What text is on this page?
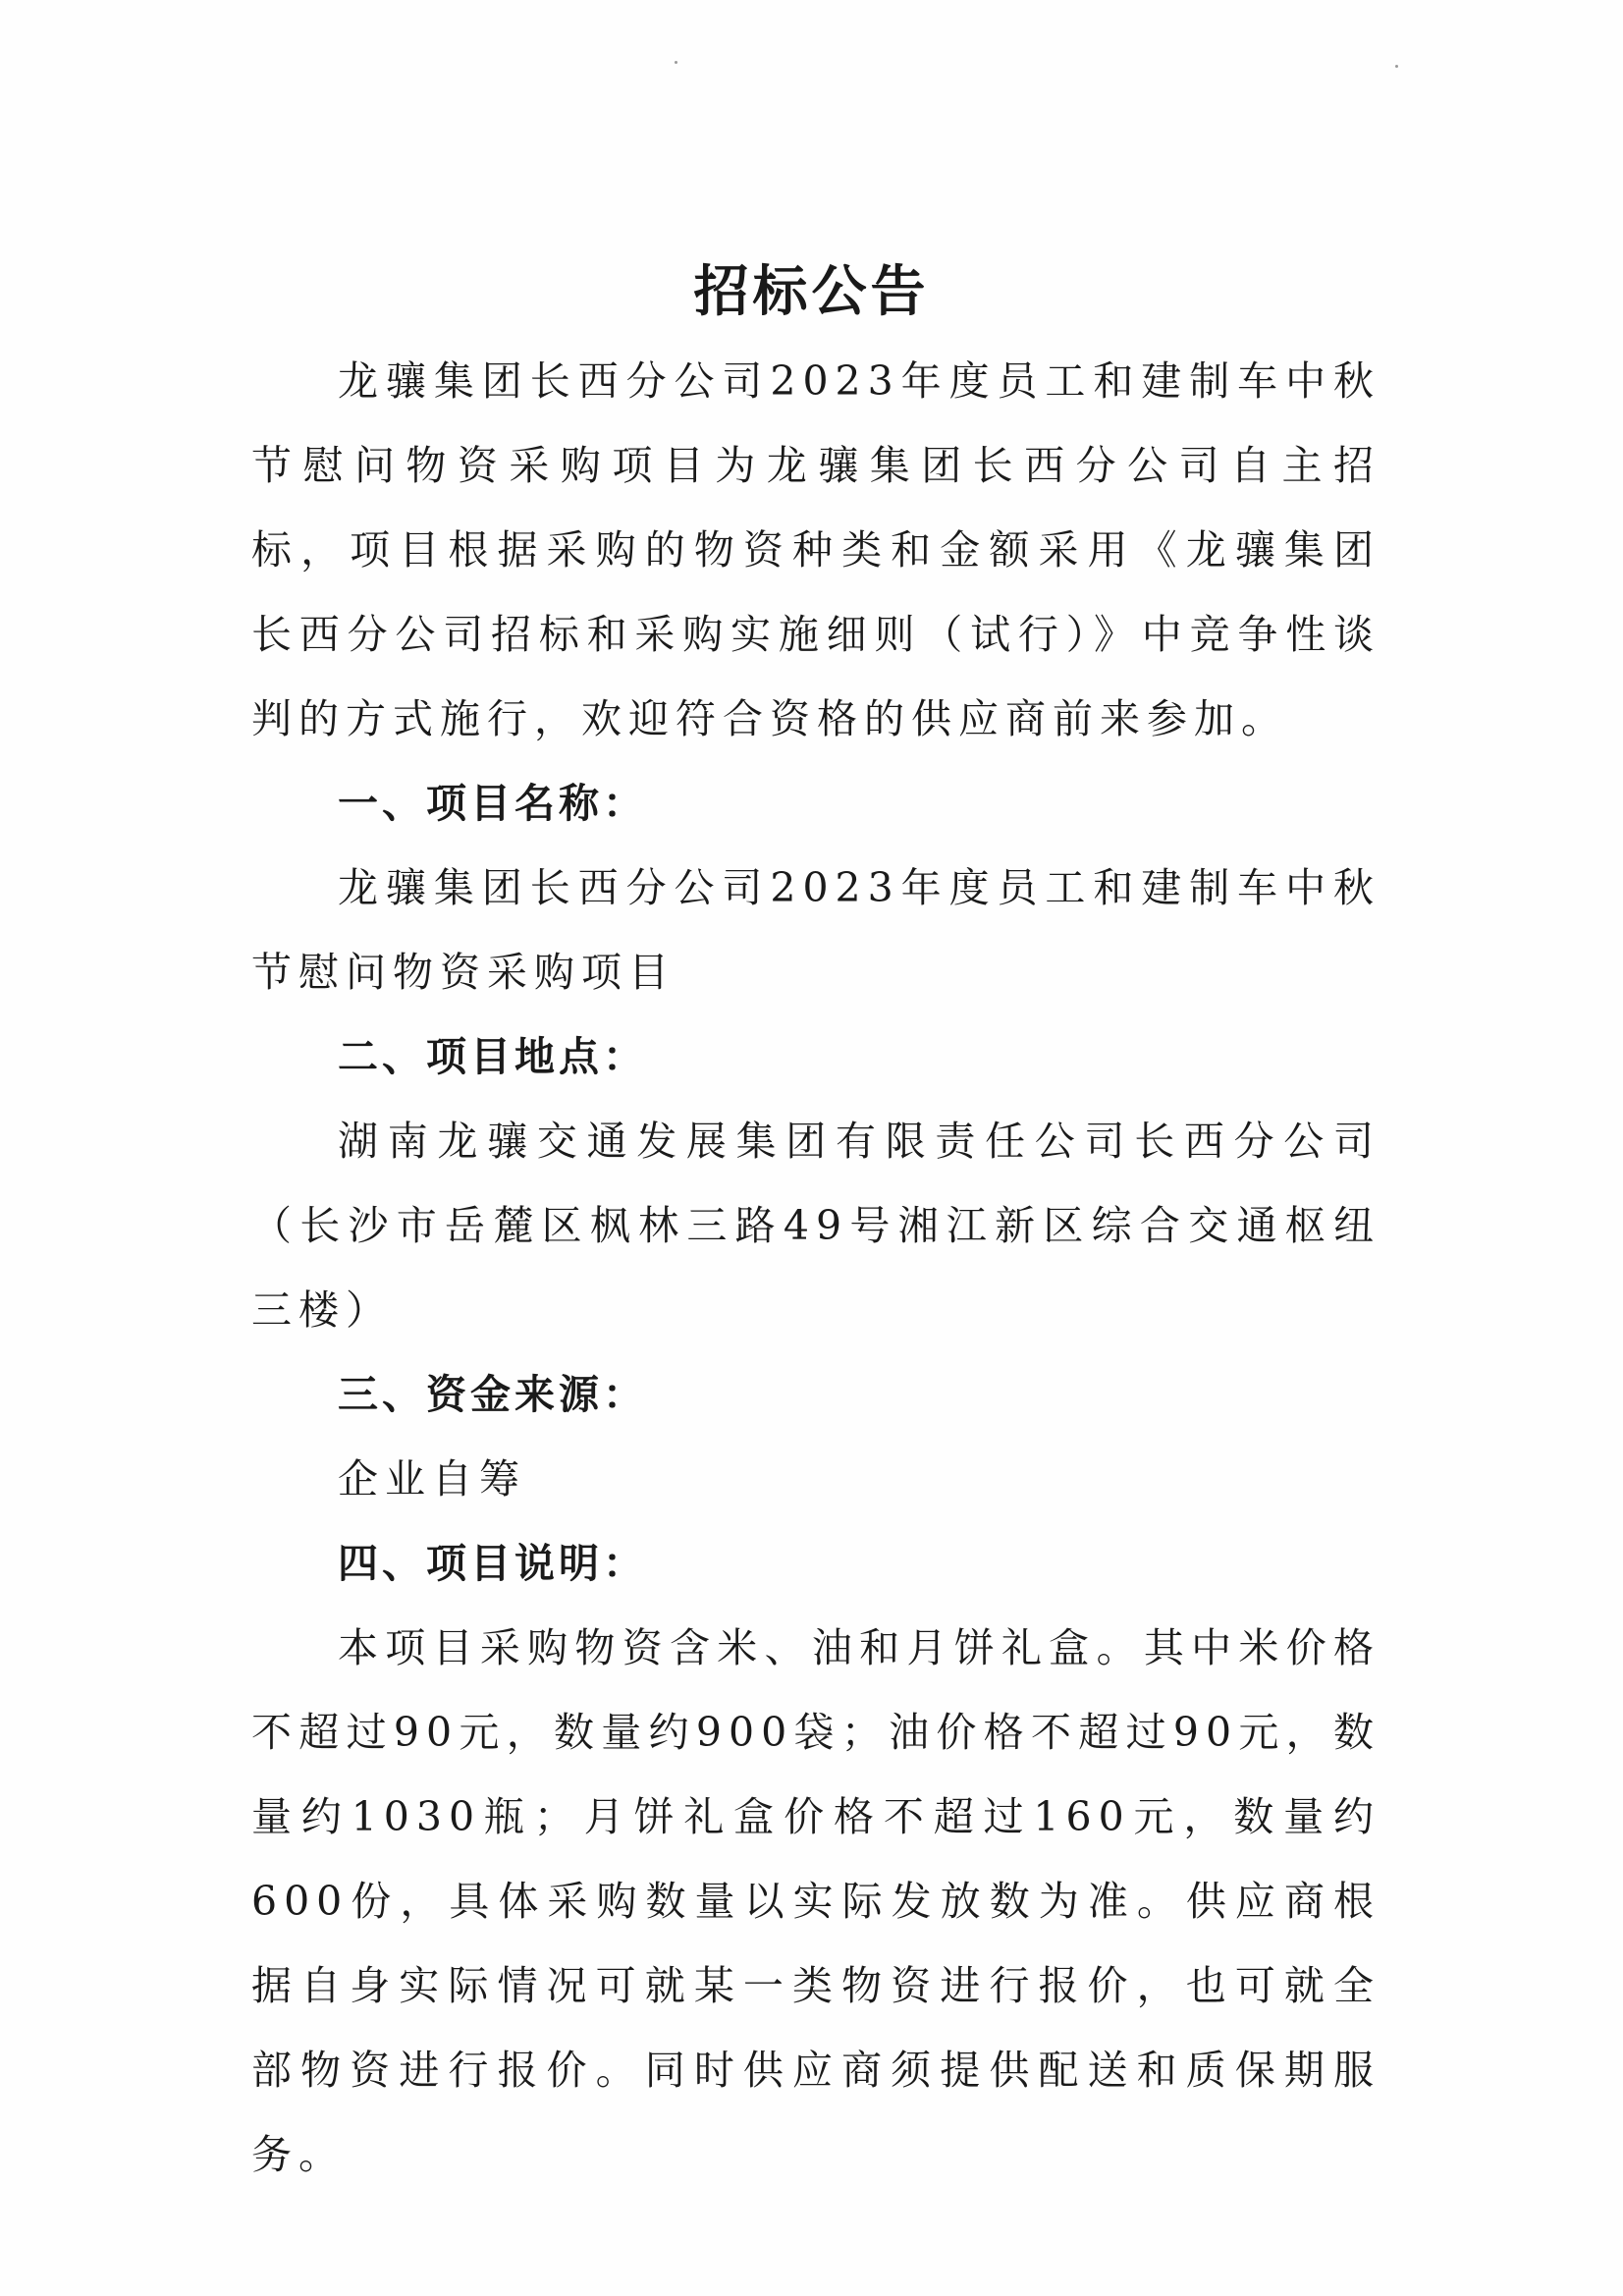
招标公告

龙骧集团长西分公司2023年度员工和建制车中秋节慰问物资采购项目为龙骧集团长西分公司自主招标，项目根据采购的物资种类和金额采用《龙骧集团长西分公司招标和采购实施细则（试行）》中竞争性谈判的方式施行，欢迎符合资格的供应商前来参加。

一、项目名称：

龙骧集团长西分公司2023年度员工和建制车中秋节慰问物资采购项目

二、项目地点：

湖南龙骧交通发展集团有限责任公司长西分公司（长沙市岳麓区枫林三路49号湘江新区综合交通枢纽三楼）

三、资金来源：

企业自筹

四、项目说明：

本项目采购物资含米、油和月饼礼盒。其中米价格不超过90元，数量约900袋；油价格不超过90元，数量约1030瓶；月饼礼盒价格不超过160元，数量约600份，具体采购数量以实际发放数为准。供应商根据自身实际情况可就某一类物资进行报价，也可就全部物资进行报价。同时供应商须提供配送和质保期服务。
